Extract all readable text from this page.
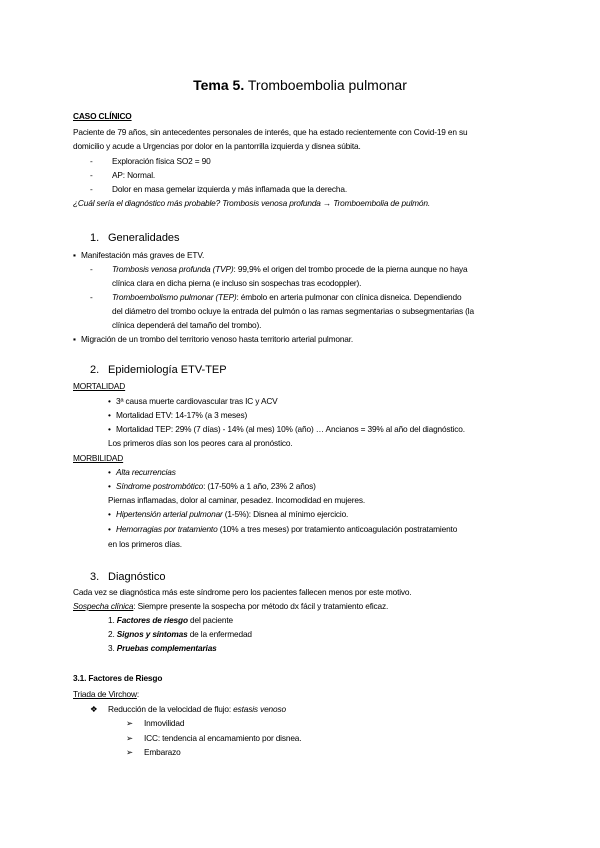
Tema 5. Tromboembolia pulmonar
CASO CLÍNICO
Paciente de 79 años, sin antecedentes personales de interés, que ha estado recientemente con Covid-19 en su
domicilio y acude a Urgencias por dolor en la pantorrilla izquierda y disnea súbita.
- Exploración física SO2 = 90
- AP: Normal.
- Dolor en masa gemelar izquierda y más inflamada que la derecha.
¿Cuál sería el diagnóstico más probable? Trombosis venosa profunda → Tromboembolia de pulmón.
1. Generalidades
▪ Manifestación más graves de ETV.
- Trombosis venosa profunda (TVP): 99,9% el origen del trombo procede de la pierna aunque no haya
clínica clara en dicha pierna (e incluso sin sospechas tras ecodoppler).
- Tromboembolismo pulmonar (TEP): émbolo en arteria pulmonar con clínica disneica. Dependiendo
del diámetro del trombo ocluye la entrada del pulmón o las ramas segmentarias o subsegmentarias (la
clínica dependerá del tamaño del trombo).
▪ Migración de un trombo del territorio venoso hasta territorio arterial pulmonar.
2. Epidemiología ETV-TEP
MORTALIDAD
• 3ª causa muerte cardiovascular tras IC y ACV
• Mortalidad ETV: 14-17% (a 3 meses)
• Mortalidad TEP: 29% (7 días) - 14% (al mes) 10% (año) … Ancianos = 39% al año del diagnóstico.
Los primeros días son los peores cara al pronóstico.
MORBILIDAD
• Alta recurrencias
• Síndrome postrombótico: (17-50% a 1 año, 23% 2 años)
Piernas inflamadas, dolor al caminar, pesadez. Incomodidad en mujeres.
• Hipertensión arterial pulmonar (1-5%): Disnea al mínimo ejercicio.
• Hemorragias por tratamiento (10% a tres meses) por tratamiento anticoagulación postratamiento
en los primeros días.
3. Diagnóstico
Cada vez se diagnóstica más este síndrome pero los pacientes fallecen menos por este motivo.
Sospecha clínica: Siempre presente la sospecha por método dx fácil y tratamiento eficaz.
1. Factores de riesgo del paciente
2. Signos y síntomas de la enfermedad
3. Pruebas complementarias
3.1. Factores de Riesgo
Triada de Virchow:
❖ Reducción de la velocidad de flujo: estasis venoso
➢ Inmovilidad
➢ ICC: tendencia al encamamiento por disnea.
➢ Embarazo
